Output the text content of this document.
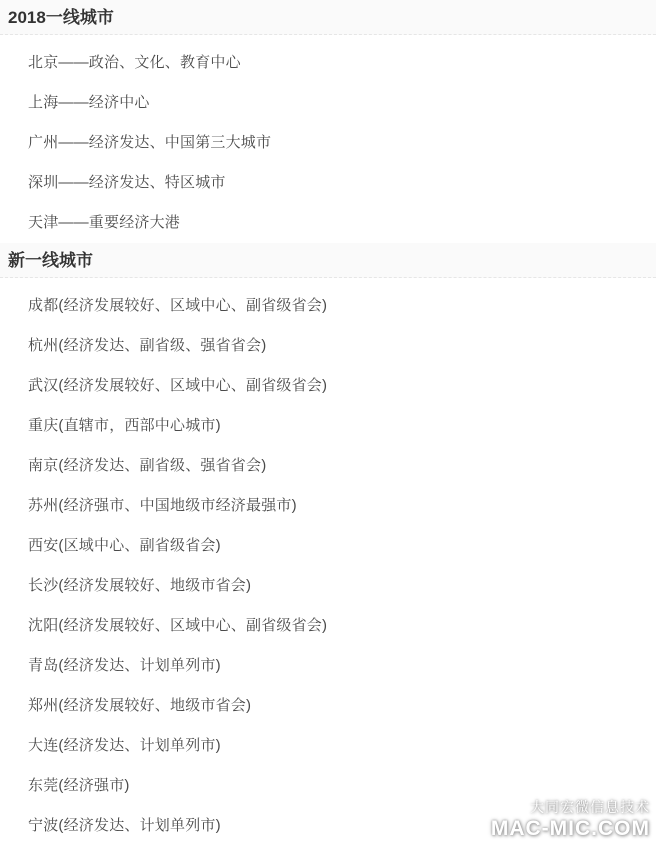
2018一线城市

北京——政治、文化、教育中心

上海——经济中心

广州——经济发达、中国第三大城市

深圳——经济发达、特区城市

天津——重要经济大港

新一线城市

成都(经济发展较好、区域中心、副省级省会)

杭州(经济发达、副省级、强省省会)

武汉(经济发展较好、区域中心、副省级省会)

重庆(直辖市，西部中心城市)

南京(经济发达、副省级、强省省会)

苏州(经济强市、中国地级市经济最强市)

西安(区域中心、副省级省会)

长沙(经济发展较好、地级市省会)

沈阳(经济发展较好、区域中心、副省级省会)

青岛(经济发达、计划单列市)

郑州(经济发展较好、地级市省会)

大连(经济发达、计划单列市)

东莞(经济强市)

宁波(经济发达、计划单列市)

大同宏微信息技术
MAC-MIC.COM
